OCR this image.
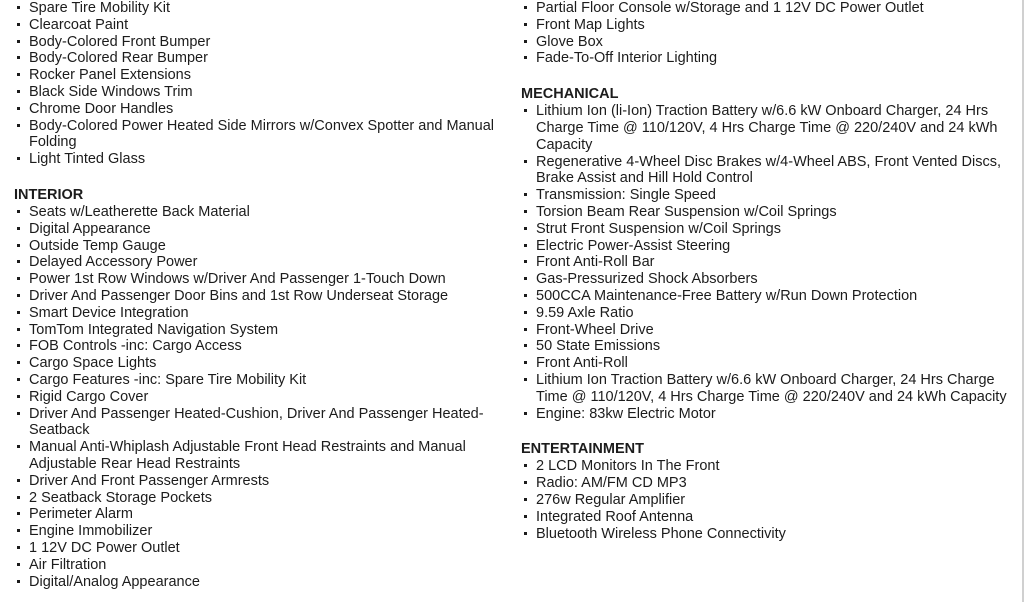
Spare Tire Mobility Kit
Clearcoat Paint
Body-Colored Front Bumper
Body-Colored Rear Bumper
Rocker Panel Extensions
Black Side Windows Trim
Chrome Door Handles
Body-Colored Power Heated Side Mirrors w/Convex Spotter and Manual Folding
Light Tinted Glass
INTERIOR
Seats w/Leatherette Back Material
Digital Appearance
Outside Temp Gauge
Delayed Accessory Power
Power 1st Row Windows w/Driver And Passenger 1-Touch Down
Driver And Passenger Door Bins and 1st Row Underseat Storage
Smart Device Integration
TomTom Integrated Navigation System
FOB Controls -inc: Cargo Access
Cargo Space Lights
Cargo Features -inc: Spare Tire Mobility Kit
Rigid Cargo Cover
Driver And Passenger Heated-Cushion, Driver And Passenger Heated-Seatback
Manual Anti-Whiplash Adjustable Front Head Restraints and Manual Adjustable Rear Head Restraints
Driver And Front Passenger Armrests
2 Seatback Storage Pockets
Perimeter Alarm
Engine Immobilizer
1 12V DC Power Outlet
Air Filtration
Digital/Analog Appearance
Partial Floor Console w/Storage and 1 12V DC Power Outlet
Front Map Lights
Glove Box
Fade-To-Off Interior Lighting
MECHANICAL
Lithium Ion (li-Ion) Traction Battery w/6.6 kW Onboard Charger, 24 Hrs Charge Time @ 110/120V, 4 Hrs Charge Time @ 220/240V and 24 kWh Capacity
Regenerative 4-Wheel Disc Brakes w/4-Wheel ABS, Front Vented Discs, Brake Assist and Hill Hold Control
Transmission: Single Speed
Torsion Beam Rear Suspension w/Coil Springs
Strut Front Suspension w/Coil Springs
Electric Power-Assist Steering
Front Anti-Roll Bar
Gas-Pressurized Shock Absorbers
500CCA Maintenance-Free Battery w/Run Down Protection
9.59 Axle Ratio
Front-Wheel Drive
50 State Emissions
Front Anti-Roll
Lithium Ion Traction Battery w/6.6 kW Onboard Charger, 24 Hrs Charge Time @ 110/120V, 4 Hrs Charge Time @ 220/240V and 24 kWh Capacity
Engine: 83kw Electric Motor
ENTERTAINMENT
2 LCD Monitors In The Front
Radio: AM/FM CD MP3
276w Regular Amplifier
Integrated Roof Antenna
Bluetooth Wireless Phone Connectivity
